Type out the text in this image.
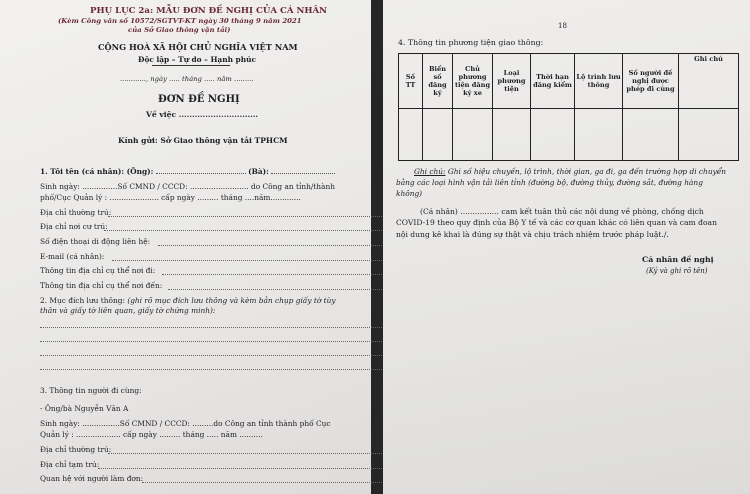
PHỤ LỤC 2a: MẪU ĐƠN ĐỀ NGHỊ CỦA CÁ NHÂN
(Kèm Công văn số 10572/SGTVT-KT ngày 30 tháng 9 năm 2021
của Sở Giao thông vận tải)
CỘNG HOÀ XÃ HỘI CHỦ NGHĨA VIỆT NAM
Độc lập – Tự do – Hạnh phúc
............, ngày ..... tháng ..... năm .........
ĐƠN ĐỀ NGHỊ
Về việc ..............................
Kính gửi: Sở Giao thông vận tải TPHCM
1. Tôi tên (cá nhân): (Ông):	(Bà):
Sinh ngày: ...............Số CMND / CCCD: ......................... do Công an tỉnh/thành
phố/Cục Quản lý : ..................... cấp ngày ......... tháng ....năm.............
Địa chỉ thường trú:
Địa chỉ nơi cư trú:
Số điện thoại di động liên hệ:
E-mail (cá nhân):
Thông tin địa chỉ cụ thể nơi đi:
Thông tin địa chỉ cụ thể nơi đến:
2. Mục đích lưu thông: (ghi rõ mục đích lưu thông và kèm bản chụp giấy tờ tùy
thân và giấy tờ liên quan, giấy tờ chứng minh):
3. Thông tin người đi cùng:
- Ông/bà Nguyễn Văn A
Sinh ngày: ................Số CMND / CCCD: .........do Công an tỉnh thành phố Cục
Quản lý : ................... cấp ngày ......... tháng ..... năm ..........
Địa chỉ thường trú:
Địa chỉ tạm trú:
Quan hệ với người làm đơn:
18
4. Thông tin phương tiện giao thông:
Số TT	Biển số đăng ký	Chủ phương tiện đăng ký xe	Loại phương tiện	Thời hạn đăng kiểm	Lộ trình lưu thông	Số người đề nghị được phép đi cùng	Ghi chú

Ghi chú: Ghi số hiệu chuyến, lộ trình, thời gian, ga đi, ga đến trường hợp di chuyển bằng các loại hình vận tải liên tỉnh (đường bộ, đường thủy, đường sắt, đường hàng không)
(Cá nhân) ................ cam kết tuân thủ các nội dung về phòng, chống dịch COVID-19 theo quy định của Bộ Y tế và các cơ quan khác có liên quan và cam đoan nội dung kê khai là đúng sự thật và chịu trách nhiệm trước pháp luật./.
Cá nhân đề nghị
(Ký và ghi rõ tên)
